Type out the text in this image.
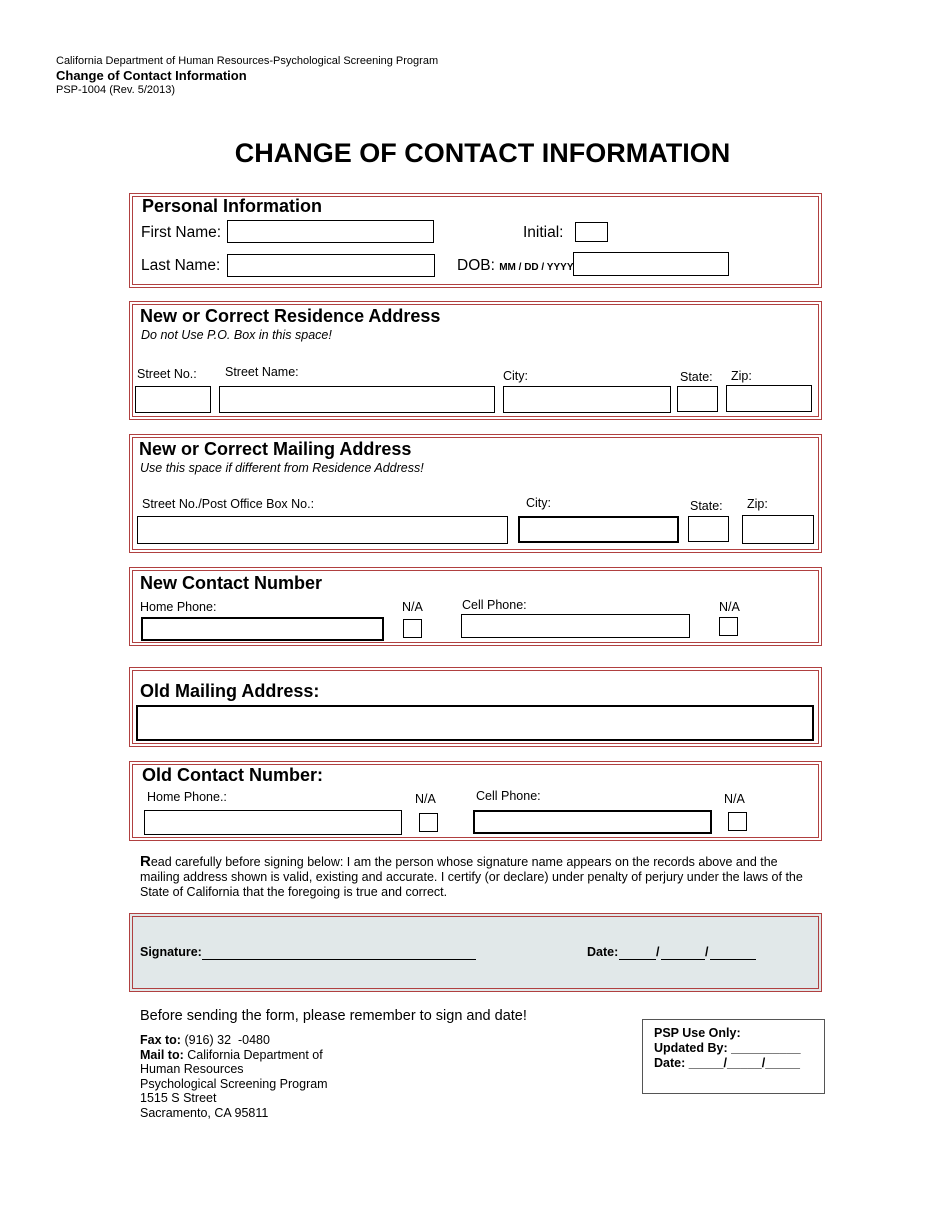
California Department of Human Resources-Psychological Screening Program
Change of Contact Information
PSP-1004 (Rev. 5/2013)
CHANGE OF CONTACT INFORMATION
Personal Information
First Name:	Initial:
Last Name:	DOB: MM / DD / YYYY
New or Correct Residence Address
Do not Use P.O. Box in this space!
Street No.: Street Name:	City:	State: Zip:
New or Correct Mailing Address
Use this space if different from Residence Address!
Street No./Post Office Box No.:	City:	State: Zip:
New Contact Number
Home Phone:	N/A	Cell Phone:	N/A
Old Mailing Address:
Old Contact Number:
Home Phone.:	N/A	Cell Phone:	N/A
Read carefully before signing below: I am the person whose signature name appears on the records above and the mailing address shown is valid, existing and accurate. I certify (or declare) under penalty of perjury under the laws of the State of California that the foregoing is true and correct.
Signature:	Date:	/	/
Before sending the form, please remember to sign and date!
Fax to: (916) 32  -0480
Mail to: California Department of
Human Resources
Psychological Screening Program
1515 S Street
Sacramento, CA 95811
PSP Use Only:
Updated By: __________
Date: _____/_____/_____
